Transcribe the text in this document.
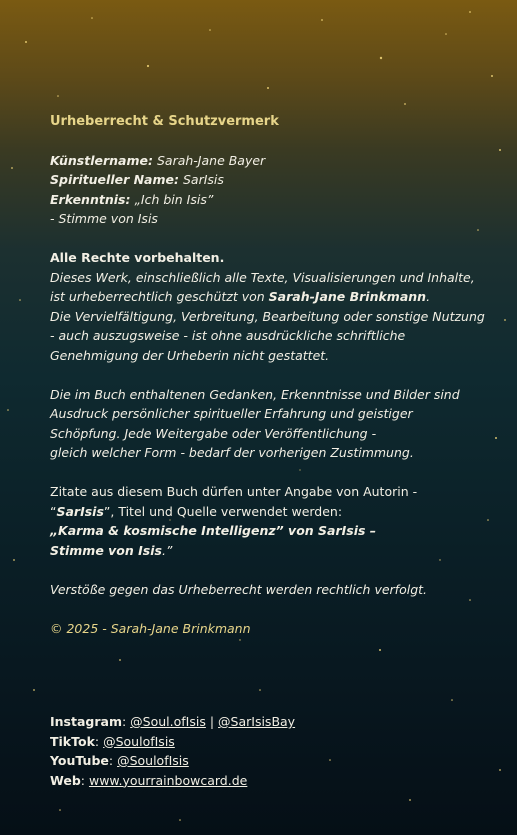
Urheberrecht & Schutzvermerk
Künstlername: Sarah-Jane Bayer
Spiritueller Name: SarIsis
Erkenntnis: „Ich bin Isis”
- Stimme von Isis
Alle Rechte vorbehalten.
Dieses Werk, einschließlich alle Texte, Visualisierungen und Inhalte,
ist urheberrechtlich geschützt von Sarah-Jane Brinkmann.
Die Vervielfältigung, Verbreitung, Bearbeitung oder sonstige Nutzung
- auch auszugsweise - ist ohne ausdrückliche schriftliche
Genehmigung der Urheberin nicht gestattet.
Die im Buch enthaltenen Gedanken, Erkenntnisse und Bilder sind
Ausdruck persönlicher spiritueller Erfahrung und geistiger
Schöpfung. Jede Weitergabe oder Veröffentlichung -
gleich welcher Form - bedarf der vorherigen Zustimmung.
Zitate aus diesem Buch dürfen unter Angabe von Autorin -
“SarIsis”, Titel und Quelle verwendet werden:
„Karma & kosmische Intelligenz” von SarIsis –
Stimme von Isis.”
Verstöße gegen das Urheberrecht werden rechtlich verfolgt.
© 2025 - Sarah-Jane Brinkmann
Instagram: @Soul.ofIsis | @SarIsisBay
TikTok: @SoulofIsis
YouTube: @SoulofIsis
Web: www.yourrainbowcard.de
